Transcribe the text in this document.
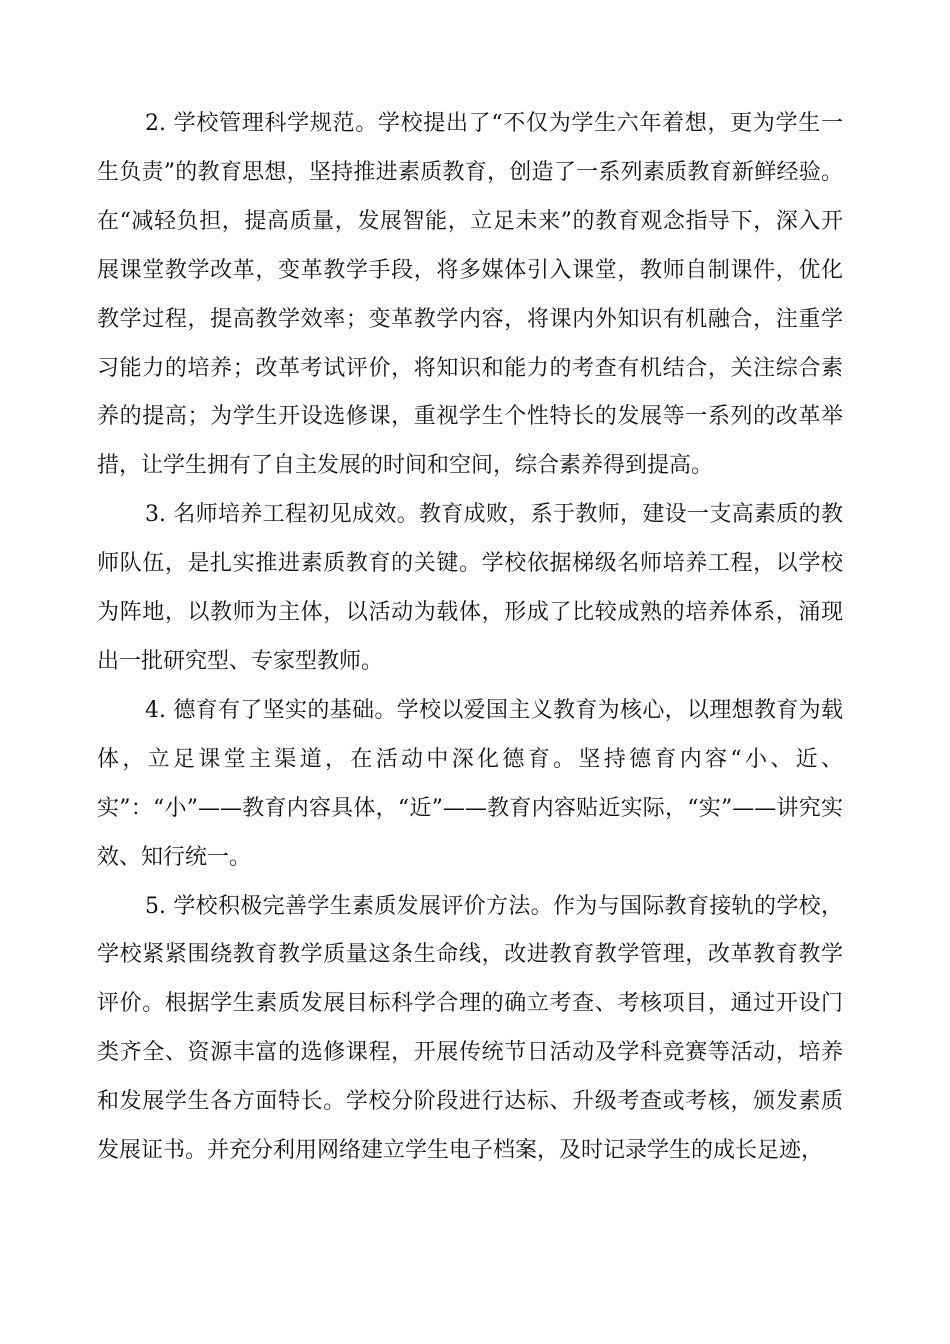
2. 学校管理科学规范。学校提出了“不仅为学生六年着想，更为学生一生负责”的教育思想，坚持推进素质教育，创造了一系列素质教育新鲜经验。在“减轻负担，提高质量，发展智能，立足未来”的教育观念指导下，深入开展课堂教学改革，变革教学手段，将多媒体引入课堂，教师自制课件，优化教学过程，提高教学效率；变革教学内容，将课内外知识有机融合，注重学习能力的培养；改革考试评价，将知识和能力的考查有机结合，关注综合素养的提高；为学生开设选修课，重视学生个性特长的发展等一系列的改革举措，让学生拥有了自主发展的时间和空间，综合素养得到提高。

3. 名师培养工程初见成效。教育成败，系于教师，建设一支高素质的教师队伍，是扎实推进素质教育的关键。学校依据梯级名师培养工程，以学校为阵地，以教师为主体，以活动为载体，形成了比较成熟的培养体系，涌现出一批研究型、专家型教师。

4. 德育有了坚实的基础。学校以爱国主义教育为核心，以理想教育为载体，立足课堂主渠道，在活动中深化德育。坚持德育内容“小、近、实”：“小”——教育内容具体，“近”——教育内容贴近实际，“实”——讲究实效、知行统一。

5. 学校积极完善学生素质发展评价方法。作为与国际教育接轨的学校，学校紧紧围绕教育教学质量这条生命线，改进教育教学管理，改革教育教学评价。根据学生素质发展目标科学合理的确立考查、考核项目，通过开设门类齐全、资源丰富的选修课程，开展传统节日活动及学科竞赛等活动，培养和发展学生各方面特长。学校分阶段进行达标、升级考查或考核，颁发素质发展证书。并充分利用网络建立学生电子档案，及时记录学生的成长足迹，
